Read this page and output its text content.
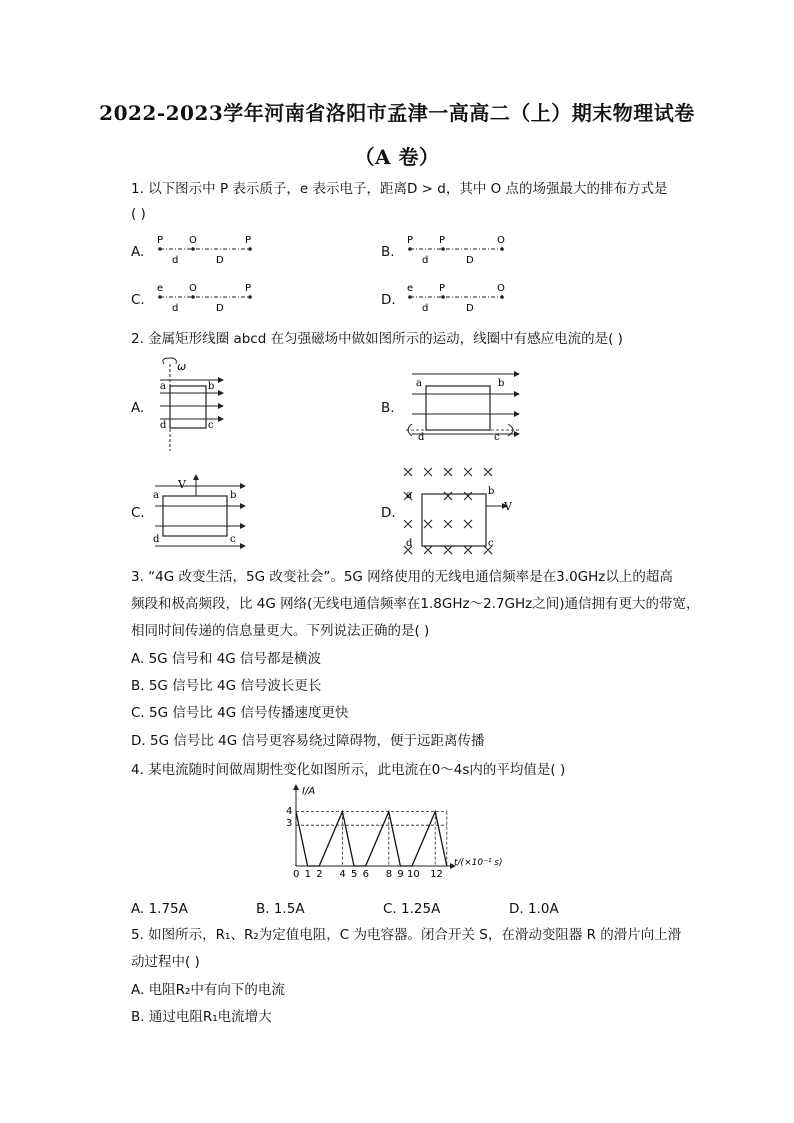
2022-2023学年河南省洛阳市孟津一高高二（上）期末物理试卷
（A 卷）
1. 以下图示中 P 表示质子，e 表示电子，距离D > d，其中 O 点的场强最大的排布方式是
( )
A.
P	O	P
d	D
B.
P	P	O
d	D
C.
e	O	P
d	D
D.
e	P	O
d	D
2. 金属矩形线圈 abcd 在匀强磁场中做如图所示的运动，线圈中有感应电流的是( )
A.
ω
a	b
d	c
B.
a	b
d	c
C.
V
a	b
d	c
D.	V
a	b
d	c
3. “4G 改变生活，5G 改变社会”。5G 网络使用的无线电通信频率是在3.0GHz以上的超高
频段和极高频段，比 4G 网络(无线电通信频率在1.8GHz～2.7GHz之间)通信拥有更大的带宽，
相同时间传递的信息量更大。下列说法正确的是( )
A. 5G 信号和 4G 信号都是横波
B. 5G 信号比 4G 信号波长更长
C. 5G 信号比 4G 信号传播速度更快
D. 5G 信号比 4G 信号更容易绕过障碍物，便于远距离传播
4. 某电流随时间做周期性变化如图所示，此电流在0～4s内的平均值是( )
I/A
t/(×10⁻¹ s)
4
3
0 1 2 4 5 6 8 9 10 12
A. 1.75A	B. 1.5A	C. 1.25A	D. 1.0A
5. 如图所示，R₁、R₂为定值电阻，C 为电容器。闭合开关 S，在滑动变阻器 R 的滑片向上滑
动过程中( )
A. 电阻R₂中有向下的电流
B. 通过电阻R₁电流增大
